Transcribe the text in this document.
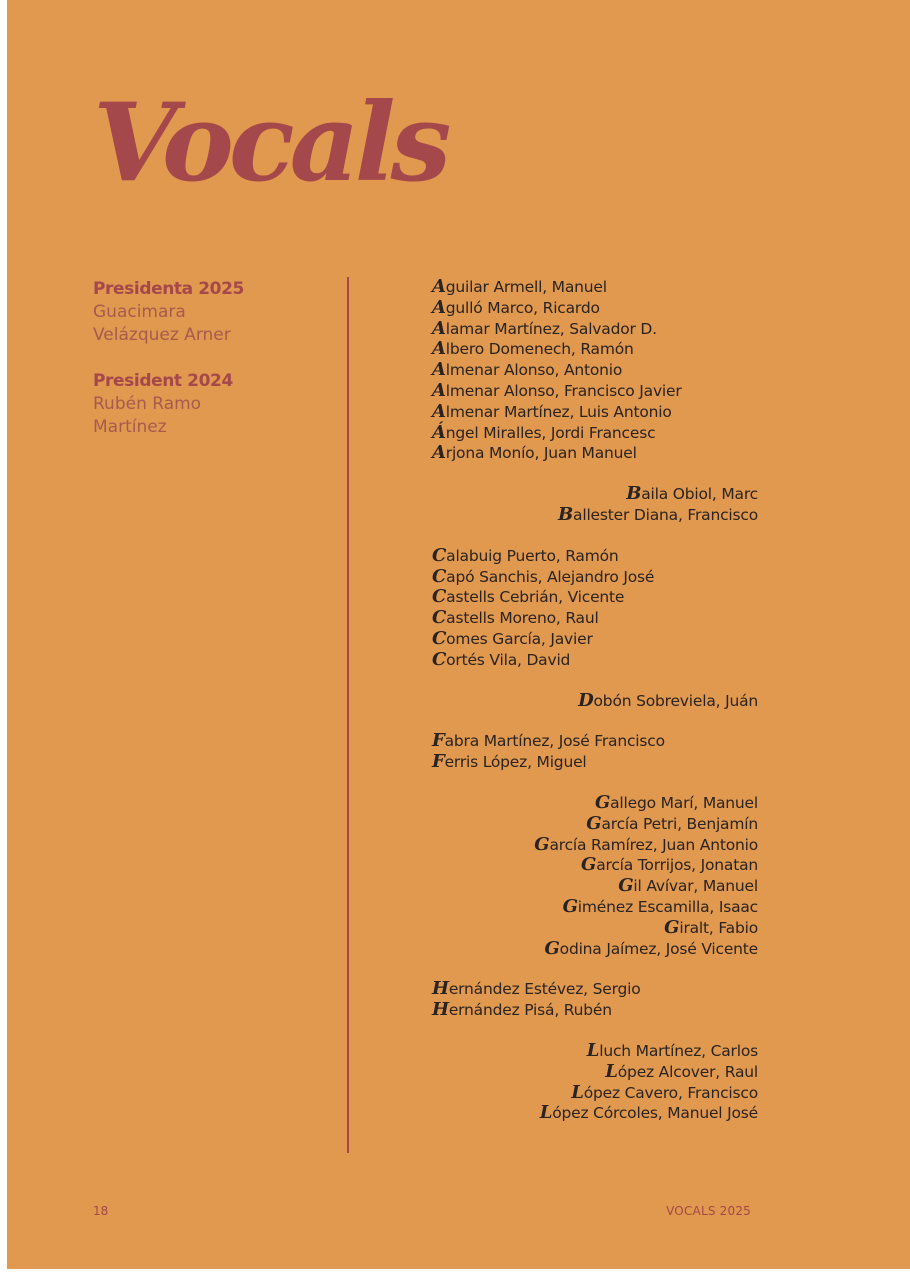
Vocals
Presidenta 2025
Guacimara
Velázquez Arner
President 2024
Rubén Ramo
Martínez
Aguilar Armell, Manuel
Agulló Marco, Ricardo
Alamar Martínez, Salvador D.
Albero Domenech, Ramón
Almenar Alonso, Antonio
Almenar Alonso, Francisco Javier
Almenar Martínez, Luis Antonio
Ángel Miralles, Jordi Francesc
Arjona Monío, Juan Manuel
Baila Obiol, Marc
Ballester Diana, Francisco
Calabuig Puerto, Ramón
Capó Sanchis, Alejandro José
Castells Cebrián, Vicente
Castells Moreno, Raul
Comes García, Javier
Cortés Vila, David
Dobón Sobreviela, Juán
Fabra Martínez, José Francisco
Ferris López, Miguel
Gallego Marí, Manuel
García Petri, Benjamín
García Ramírez, Juan Antonio
García Torrijos, Jonatan
Gil Avívar, Manuel
Giménez Escamilla, Isaac
Giralt, Fabio
Godina Jaímez, José Vicente
Hernández Estévez, Sergio
Hernández Pisá, Rubén
Lluch Martínez, Carlos
López Alcover, Raul
López Cavero, Francisco
López Córcoles, Manuel José
18	VOCALS 2025
